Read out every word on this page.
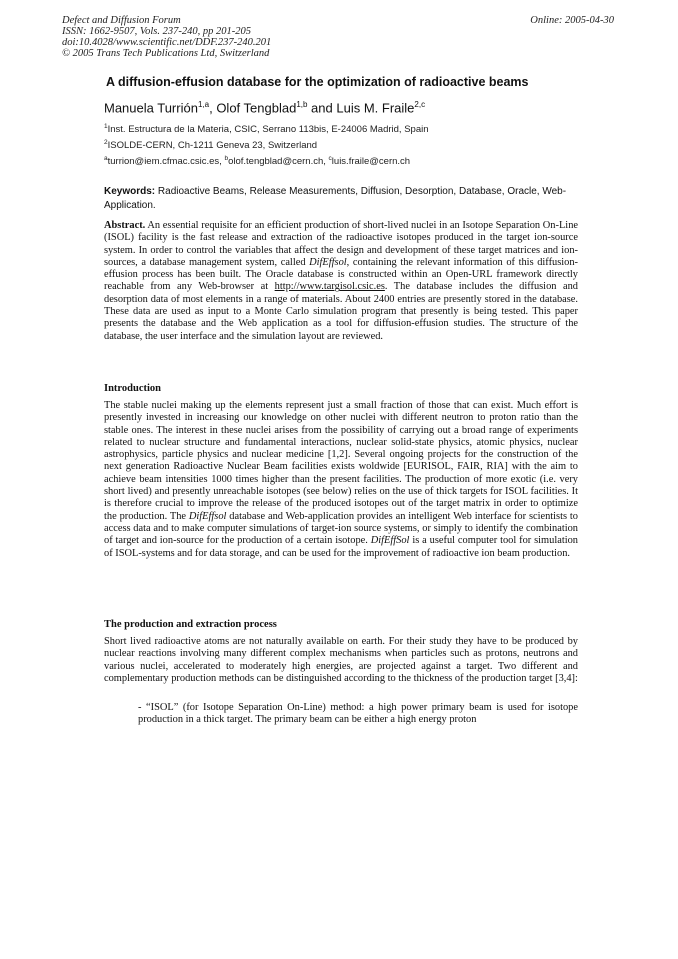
Defect and Diffusion Forum
ISSN: 1662-9507, Vols. 237-240, pp 201-205
doi:10.4028/www.scientific.net/DDF.237-240.201
© 2005 Trans Tech Publications Ltd, Switzerland
Online: 2005-04-30
A diffusion-effusion database for the optimization of radioactive beams
Manuela Turrión$^{1,a}$, Olof Tengblad$^{1,b}$ and Luis M. Fraile$^{2,c}$
$^1$Inst. Estructura de la Materia, CSIC, Serrano 113bis, E-24006 Madrid, Spain
$^2$ISOLDE-CERN, Ch-1211 Geneva 23, Switzerland
$^a$turrion@iem.cfmac.csic.es, $^b$olof.tengblad@cern.ch, $^c$luis.fraile@cern.ch
Keywords: Radioactive Beams, Release Measurements, Diffusion, Desorption, Database, Oracle, Web-Application.
Abstract. An essential requisite for an efficient production of short-lived nuclei in an Isotope Separation On-Line (ISOL) facility is the fast release and extraction of the radioactive isotopes produced in the target ion-source system. In order to control the variables that affect the design and development of these target matrices and ion-sources, a database management system, called DifEffsol, containing the relevant information of this diffusion-effusion process has been built. The Oracle database is constructed within an Open-URL framework directly reachable from any Web-browser at http://www.targisol.csic.es. The database includes the diffusion and desorption data of most elements in a range of materials. About 2400 entries are presently stored in the database. These data are used as input to a Monte Carlo simulation program that presently is being tested. This paper presents the database and the Web application as a tool for diffusion-effusion studies. The structure of the database, the user interface and the simulation layout are reviewed.
Introduction
The stable nuclei making up the elements represent just a small fraction of those that can exist. Much effort is presently invested in increasing our knowledge on other nuclei with different neutron to proton ratio than the stable ones. The interest in these nuclei arises from the possibility of carrying out a broad range of experiments related to nuclear structure and fundamental interactions, nuclear solid-state physics, atomic physics, nuclear astrophysics, particle physics and nuclear medicine [1,2]. Several ongoing projects for the construction of the next generation Radioactive Nuclear Beam facilities exists woldwide [EURISOL, FAIR, RIA] with the aim to achieve beam intensities 1000 times higher than the present facilities. The production of more exotic (i.e. very short lived) and presently unreachable isotopes (see below) relies on the use of thick targets for ISOL facilities. It is therefore crucial to improve the release of the produced isotopes out of the target matrix in order to optimize the production. The DifEffsol database and Web-application provides an intelligent Web interface for scientists to access data and to make computer simulations of target-ion source systems, or simply to identify the combination of target and ion-source for the production of a certain isotope. DifEffSol is a useful computer tool for simulation of ISOL-systems and for data storage, and can be used for the improvement of radioactive ion beam production.
The production and extraction process
Short lived radioactive atoms are not naturally available on earth. For their study they have to be produced by nuclear reactions involving many different complex mechanisms when particles such as protons, neutrons and various nuclei, accelerated to moderately high energies, are projected against a target. Two different and complementary production methods can be distinguished according to the thickness of the production target [3,4]:
- “ISOL” (for Isotope Separation On-Line) method: a high power primary beam is used for isotope production in a thick target. The primary beam can be either a high energy proton
